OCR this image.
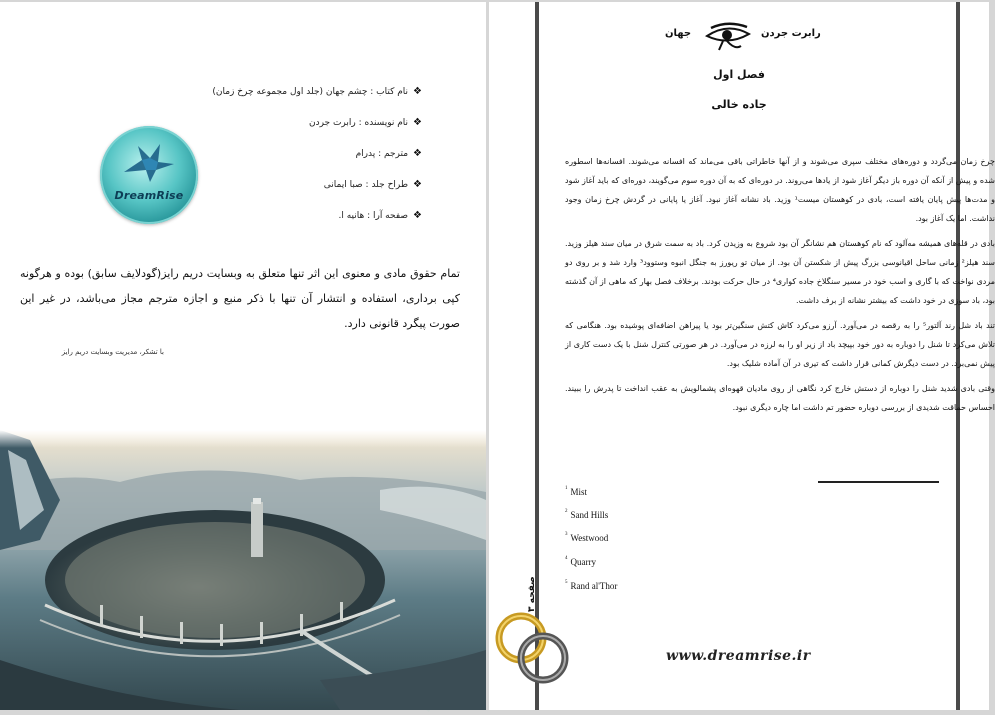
❖نام کتاب : چشم جهان (جلد اول مجموعه چرخ زمان)
❖نام نویسنده : رابرت جردن
❖مترجم : پدرام
❖طراح جلد : صبا ایمانی
❖صفحه آرا : هانیه ا.
DreamRise
تمام حقوق مادی و معنوی این اثر تنها متعلق به وبسایت دریم رایز(گودلایف سابق) بوده و هرگونه کپی برداری، استفاده و انتشار آن تنها با ذکر منبع و اجازه مترجم مجاز می‌باشد، در غیر این صورت پیگرد قانونی دارد.
با تشکر، مدیریت وبسایت دریم رایز
جهان	رابرت جردن
فصل اول
جاده خالی

چرخ زمان می‌گردد و دوره‌های مختلف سپری می‌شوند و از آنها خاطراتی باقی می‌ماند که افسانه می‌شوند. افسانه‌ها اسطوره شده و پیش از آنکه آن دوره باز دیگر آغاز شود از یادها می‌روند. در دوره‌ای که به آن دوره سوم می‌گویند، دوره‌ای که باید آغاز شود و مدت‌ها پیش پایان یافته است، بادی در کوهستان میست¹ وزید. باد نشانه آغاز نبود. آغاز یا پایانی در گردش چرخ زمان وجود نداشت. اما یک آغاز بود.

بادی در قله‌های همیشه مه‌آلود که نام کوهستان هم نشانگر آن بود شروع به وزیدن کرد. باد به سمت شرق در میان سند هیلز وزید. سند هیلز² زمانی ساحل اقیانوسی بزرگ پیش از شکستن آن بود. از میان تو ریورز به جنگل انبوه وستوود³ وارد شد و بر روی دو مردی نواخت که با گاری و اسب خود در مسیر سنگلاخ جاده کواری⁴ در حال حرکت بودند. برخلاف فصل بهار که ماهی از آن گذشته بود، باد سوزی در خود داشت که بیشتر نشانه از برف داشت.

تند باد شل رند آلتور⁵ را به رقصه در می‌آورد. آرزو می‌کرد کاش کتش سنگین‌تر بود یا پیراهن اضافه‌ای پوشیده بود. هنگامی که تلاش می‌کرد تا شنل را دوباره به دور خود بپیچد باد از زیر او را به لرزه در می‌آورد. در هر صورتی کنترل شنل با یک دست کاری از پیش نمی‌برد. در دست دیگرش کمانی قرار داشت که تیری در آن آماده شلیک بود.

وقتی بادی شدید شنل را دوباره از دستش خارج کرد نگاهی از روی مادیان قهوه‌ای پشمالویش به عقب انداخت تا پدرش را ببیند. احساس حماقت شدیدی از بررسی دوباره حضور تم داشت اما چاره دیگری نبود.

$^1$ Mist
$^2$ Sand Hills
$^3$ Westwood
$^4$ Quarry
$^5$ Rand al'Thor
صفحه ۳
www.dreamrise.ir
